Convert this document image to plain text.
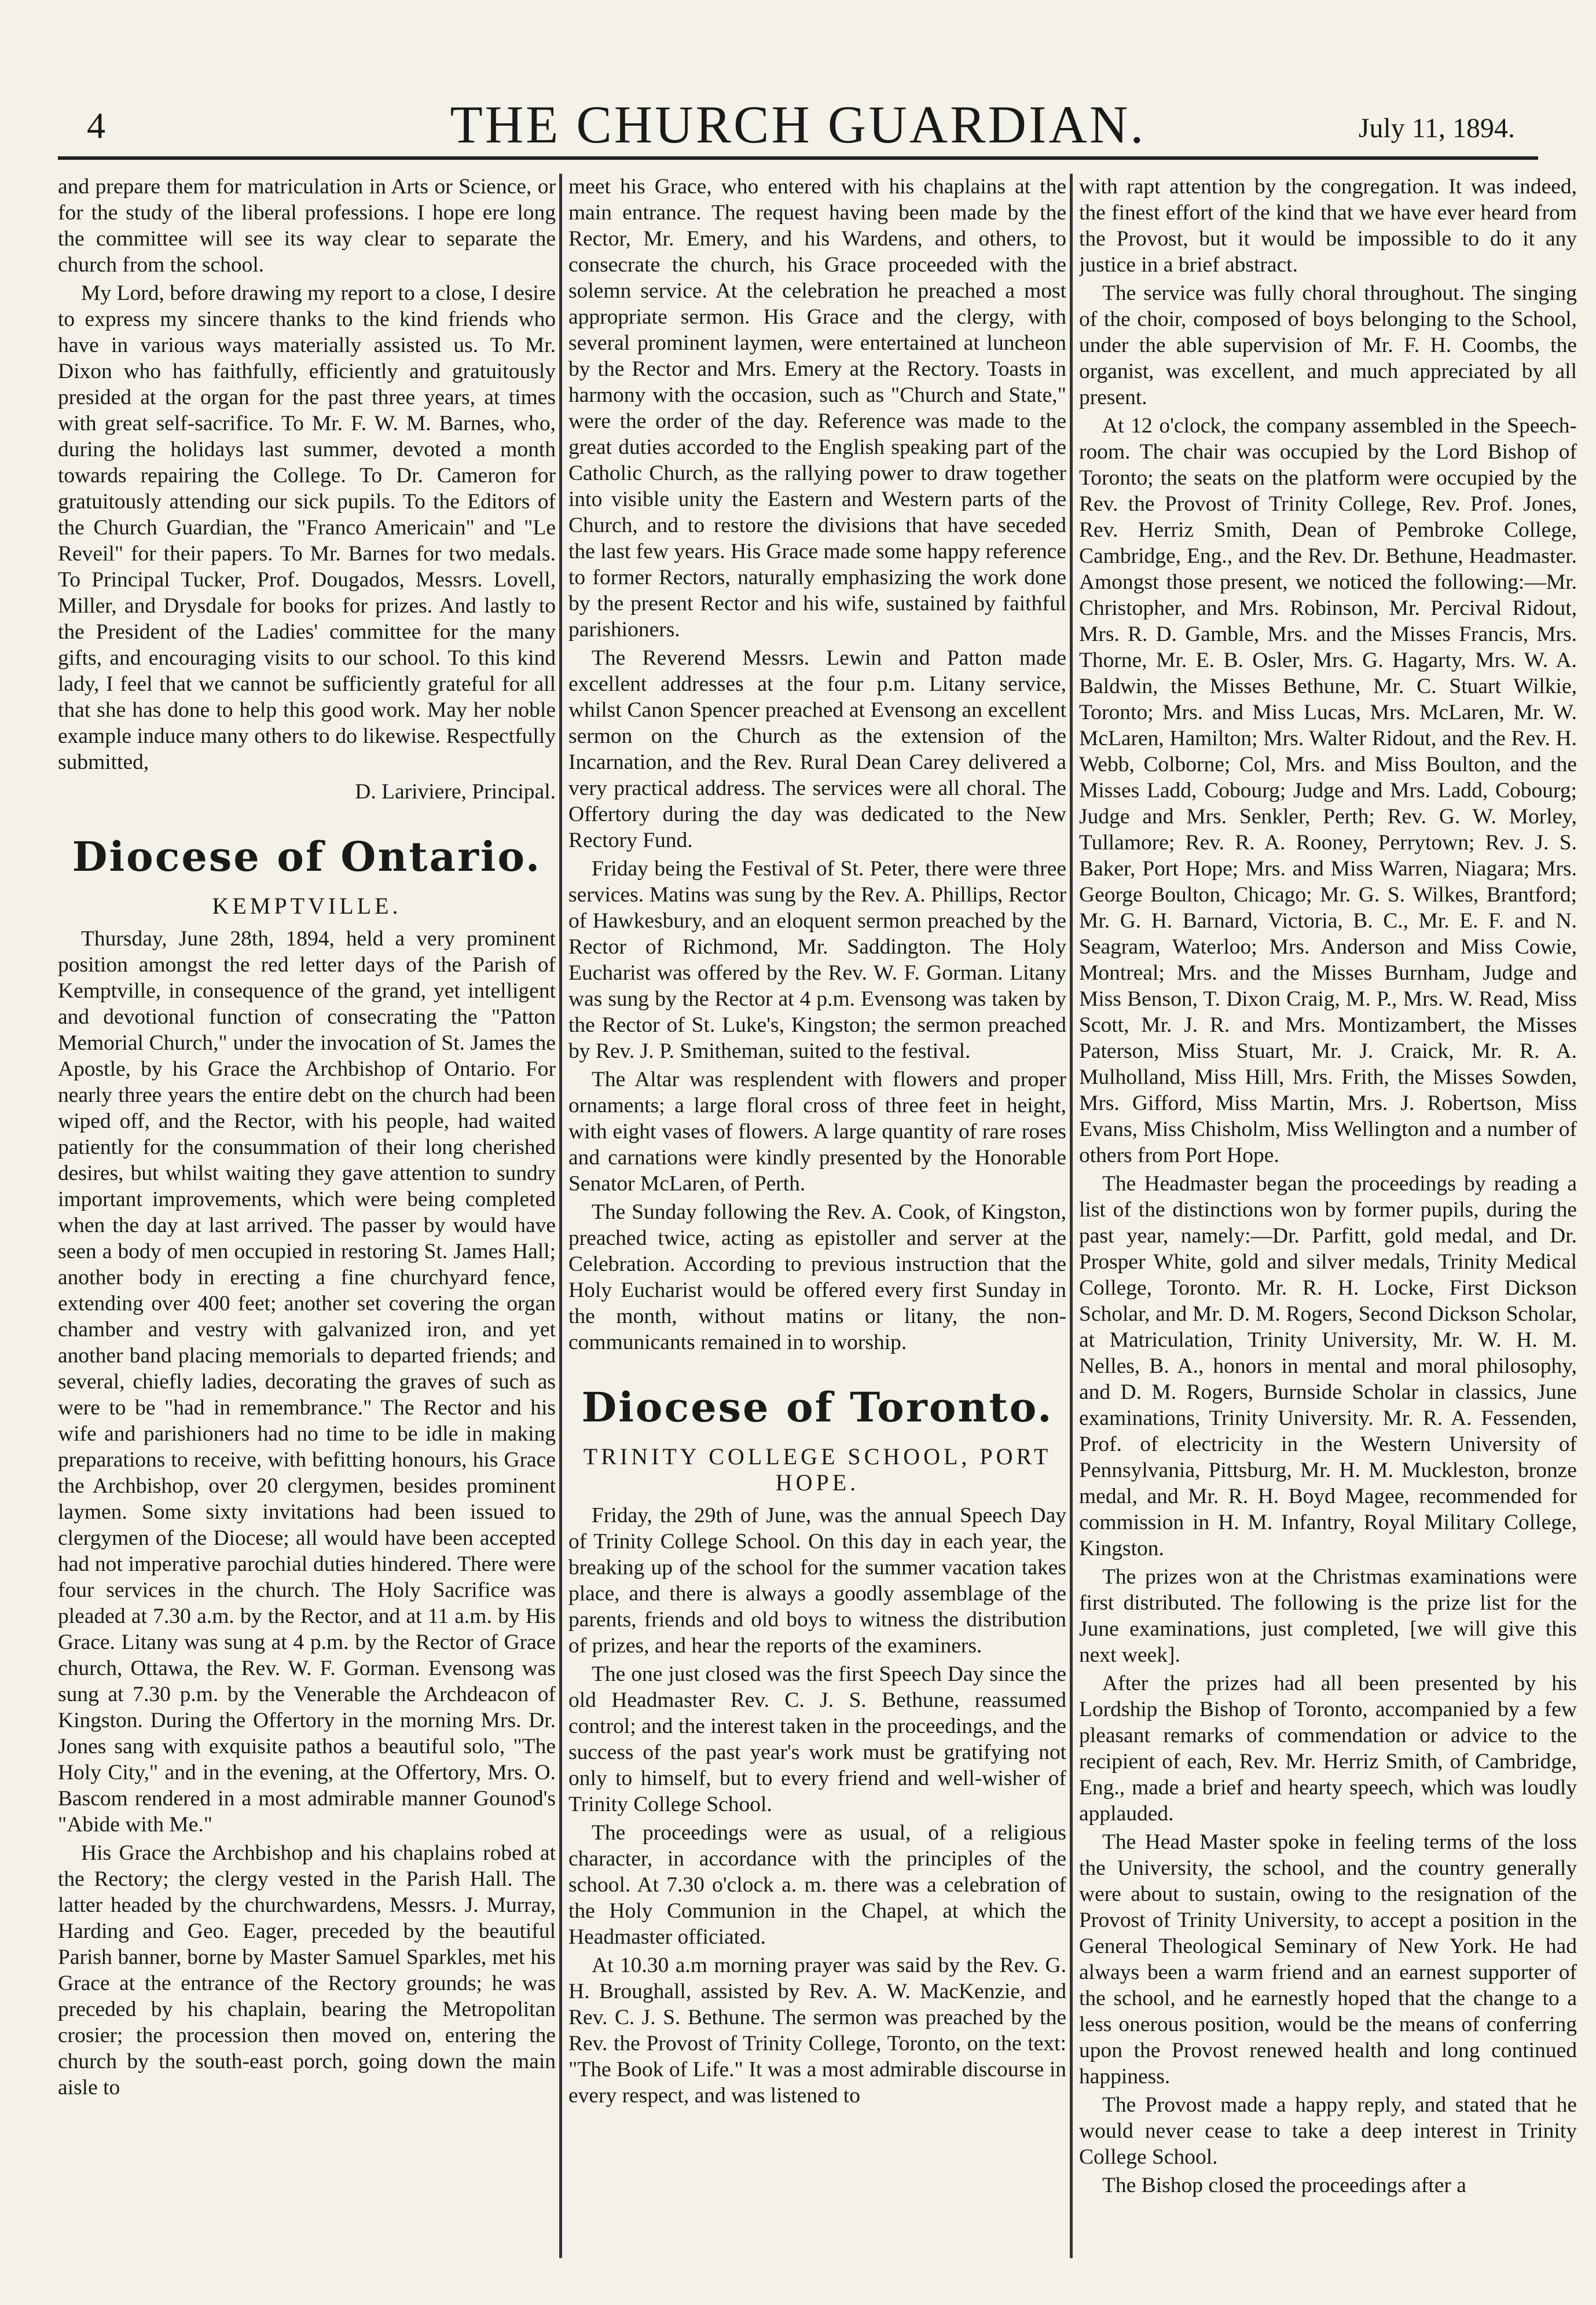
4	THE CHURCH GUARDIAN.	July 11, 1894.

and prepare them for matriculation in Arts or Science, or for the study of the liberal professions. I hope ere long the committee will see its way clear to separate the church from the school.

My Lord, before drawing my report to a close, I desire to express my sincere thanks to the kind friends who have in various ways materially assisted us. To Mr. Dixon who has faithfully, efficiently and gratuitously presided at the organ for the past three years, at times with great self-sacrifice. To Mr. F. W. M. Barnes, who, during the holidays last summer, devoted a month towards repairing the College. To Dr. Cameron for gratuitously attending our sick pupils. To the Editors of the Church Guardian, the "Franco Americain" and "Le Reveil" for their papers. To Mr. Barnes for two medals. To Principal Tucker, Prof. Dougados, Messrs. Lovell, Miller, and Drysdale for books for prizes. And lastly to the President of the Ladies' committee for the many gifts, and encouraging visits to our school. To this kind lady, I feel that we cannot be sufficiently grateful for all that she has done to help this good work. May her noble example induce many others to do likewise. Respectfully submitted,

D. Lariviere, Principal.

Diocese of Ontario.
KEMPTVILLE.

Thursday, June 28th, 1894, held a very prominent position amongst the red letter days of the Parish of Kemptville, in consequence of the grand, yet intelligent and devotional function of consecrating the "Patton Memorial Church," under the invocation of St. James the Apostle, by his Grace the Archbishop of Ontario. For nearly three years the entire debt on the church had been wiped off, and the Rector, with his people, had waited patiently for the consummation of their long cherished desires, but whilst waiting they gave attention to sundry important improvements, which were being completed when the day at last arrived. The passer by would have seen a body of men occupied in restoring St. James Hall; another body in erecting a fine churchyard fence, extending over 400 feet; another set covering the organ chamber and vestry with galvanized iron, and yet another band placing memorials to departed friends; and several, chiefly ladies, decorating the graves of such as were to be "had in remembrance." The Rector and his wife and parishioners had no time to be idle in making preparations to receive, with befitting honours, his Grace the Archbishop, over 20 clergymen, besides prominent laymen. Some sixty invitations had been issued to clergymen of the Diocese; all would have been accepted had not imperative parochial duties hindered. There were four services in the church. The Holy Sacrifice was pleaded at 7.30 a.m. by the Rector, and at 11 a.m. by His Grace. Litany was sung at 4 p.m. by the Rector of Grace church, Ottawa, the Rev. W. F. Gorman. Evensong was sung at 7.30 p.m. by the Venerable the Archdeacon of Kingston. During the Offertory in the morning Mrs. Dr. Jones sang with exquisite pathos a beautiful solo, "The Holy City," and in the evening, at the Offertory, Mrs. O. Bascom rendered in a most admirable manner Gounod's "Abide with Me."

His Grace the Archbishop and his chaplains robed at the Rectory; the clergy vested in the Parish Hall. The latter headed by the churchwardens, Messrs. J. Murray, Harding and Geo. Eager, preceded by the beautiful Parish banner, borne by Master Samuel Sparkles, met his Grace at the entrance of the Rectory grounds; he was preceded by his chaplain, bearing the Metropolitan crosier; the procession then moved on, entering the church by the south-east porch, going down the main aisle to

meet his Grace, who entered with his chaplains at the main entrance. The request having been made by the Rector, Mr. Emery, and his Wardens, and others, to consecrate the church, his Grace proceeded with the solemn service. At the celebration he preached a most appropriate sermon. His Grace and the clergy, with several prominent laymen, were entertained at luncheon by the Rector and Mrs. Emery at the Rectory. Toasts in harmony with the occasion, such as "Church and State," were the order of the day. Reference was made to the great duties accorded to the English speaking part of the Catholic Church, as the rallying power to draw together into visible unity the Eastern and Western parts of the Church, and to restore the divisions that have seceded the last few years. His Grace made some happy reference to former Rectors, naturally emphasizing the work done by the present Rector and his wife, sustained by faithful parishioners.

The Reverend Messrs. Lewin and Patton made excellent addresses at the four p.m. Litany service, whilst Canon Spencer preached at Evensong an excellent sermon on the Church as the extension of the Incarnation, and the Rev. Rural Dean Carey delivered a very practical address. The services were all choral. The Offertory during the day was dedicated to the New Rectory Fund.

Friday being the Festival of St. Peter, there were three services. Matins was sung by the Rev. A. Phillips, Rector of Hawkesbury, and an eloquent sermon preached by the Rector of Richmond, Mr. Saddington. The Holy Eucharist was offered by the Rev. W. F. Gorman. Litany was sung by the Rector at 4 p.m. Evensong was taken by the Rector of St. Luke's, Kingston; the sermon preached by Rev. J. P. Smitheman, suited to the festival.

The Altar was resplendent with flowers and proper ornaments; a large floral cross of three feet in height, with eight vases of flowers. A large quantity of rare roses and carnations were kindly presented by the Honorable Senator McLaren, of Perth.

The Sunday following the Rev. A. Cook, of Kingston, preached twice, acting as epistoller and server at the Celebration. According to previous instruction that the Holy Eucharist would be offered every first Sunday in the month, without matins or litany, the non-communicants remained in to worship.

Diocese of Toronto.
TRINITY COLLEGE SCHOOL, PORT HOPE.

Friday, the 29th of June, was the annual Speech Day of Trinity College School. On this day in each year, the breaking up of the school for the summer vacation takes place, and there is always a goodly assemblage of the parents, friends and old boys to witness the distribution of prizes, and hear the reports of the examiners.

The one just closed was the first Speech Day since the old Headmaster Rev. C. J. S. Bethune, reassumed control; and the interest taken in the proceedings, and the success of the past year's work must be gratifying not only to himself, but to every friend and well-wisher of Trinity College School.

The proceedings were as usual, of a religious character, in accordance with the principles of the school. At 7.30 o'clock a. m. there was a celebration of the Holy Communion in the Chapel, at which the Headmaster officiated.

At 10.30 a.m morning prayer was said by the Rev. G. H. Broughall, assisted by Rev. A. W. MacKenzie, and Rev. C. J. S. Bethune. The sermon was preached by the Rev. the Provost of Trinity College, Toronto, on the text: "The Book of Life." It was a most admirable discourse in every respect, and was listened to

with rapt attention by the congregation. It was indeed, the finest effort of the kind that we have ever heard from the Provost, but it would be impossible to do it any justice in a brief abstract.

The service was fully choral throughout. The singing of the choir, composed of boys belonging to the School, under the able supervision of Mr. F. H. Coombs, the organist, was excellent, and much appreciated by all present.

At 12 o'clock, the company assembled in the Speech-room. The chair was occupied by the Lord Bishop of Toronto; the seats on the platform were occupied by the Rev. the Provost of Trinity College, Rev. Prof. Jones, Rev. Herriz Smith, Dean of Pembroke College, Cambridge, Eng., and the Rev. Dr. Bethune, Headmaster. Amongst those present, we noticed the following:—Mr. Christopher, and Mrs. Robinson, Mr. Percival Ridout, Mrs. R. D. Gamble, Mrs. and the Misses Francis, Mrs. Thorne, Mr. E. B. Osler, Mrs. G. Hagarty, Mrs. W. A. Baldwin, the Misses Bethune, Mr. C. Stuart Wilkie, Toronto; Mrs. and Miss Lucas, Mrs. McLaren, Mr. W. McLaren, Hamilton; Mrs. Walter Ridout, and the Rev. H. Webb, Colborne; Col, Mrs. and Miss Boulton, and the Misses Ladd, Cobourg; Judge and Mrs. Ladd, Cobourg; Judge and Mrs. Senkler, Perth; Rev. G. W. Morley, Tullamore; Rev. R. A. Rooney, Perrytown; Rev. J. S. Baker, Port Hope; Mrs. and Miss Warren, Niagara; Mrs. George Boulton, Chicago; Mr. G. S. Wilkes, Brantford; Mr. G. H. Barnard, Victoria, B. C., Mr. E. F. and N. Seagram, Waterloo; Mrs. Anderson and Miss Cowie, Montreal; Mrs. and the Misses Burnham, Judge and Miss Benson, T. Dixon Craig, M. P., Mrs. W. Read, Miss Scott, Mr. J. R. and Mrs. Montizambert, the Misses Paterson, Miss Stuart, Mr. J. Craick, Mr. R. A. Mulholland, Miss Hill, Mrs. Frith, the Misses Sowden, Mrs. Gifford, Miss Martin, Mrs. J. Robertson, Miss Evans, Miss Chisholm, Miss Wellington and a number of others from Port Hope.

The Headmaster began the proceedings by reading a list of the distinctions won by former pupils, during the past year, namely:—Dr. Parfitt, gold medal, and Dr. Prosper White, gold and silver medals, Trinity Medical College, Toronto. Mr. R. H. Locke, First Dickson Scholar, and Mr. D. M. Rogers, Second Dickson Scholar, at Matriculation, Trinity University, Mr. W. H. M. Nelles, B. A., honors in mental and moral philosophy, and D. M. Rogers, Burnside Scholar in classics, June examinations, Trinity University. Mr. R. A. Fessenden, Prof. of electricity in the Western University of Pennsylvania, Pittsburg, Mr. H. M. Muckleston, bronze medal, and Mr. R. H. Boyd Magee, recommended for commission in H. M. Infantry, Royal Military College, Kingston.

The prizes won at the Christmas examinations were first distributed. The following is the prize list for the June examinations, just completed, [we will give this next week].

After the prizes had all been presented by his Lordship the Bishop of Toronto, accompanied by a few pleasant remarks of commendation or advice to the recipient of each, Rev. Mr. Herriz Smith, of Cambridge, Eng., made a brief and hearty speech, which was loudly applauded.

The Head Master spoke in feeling terms of the loss the University, the school, and the country generally were about to sustain, owing to the resignation of the Provost of Trinity University, to accept a position in the General Theological Seminary of New York. He had always been a warm friend and an earnest supporter of the school, and he earnestly hoped that the change to a less onerous position, would be the means of conferring upon the Provost renewed health and long continued happiness.

The Provost made a happy reply, and stated that he would never cease to take a deep interest in Trinity College School.

The Bishop closed the proceedings after a
